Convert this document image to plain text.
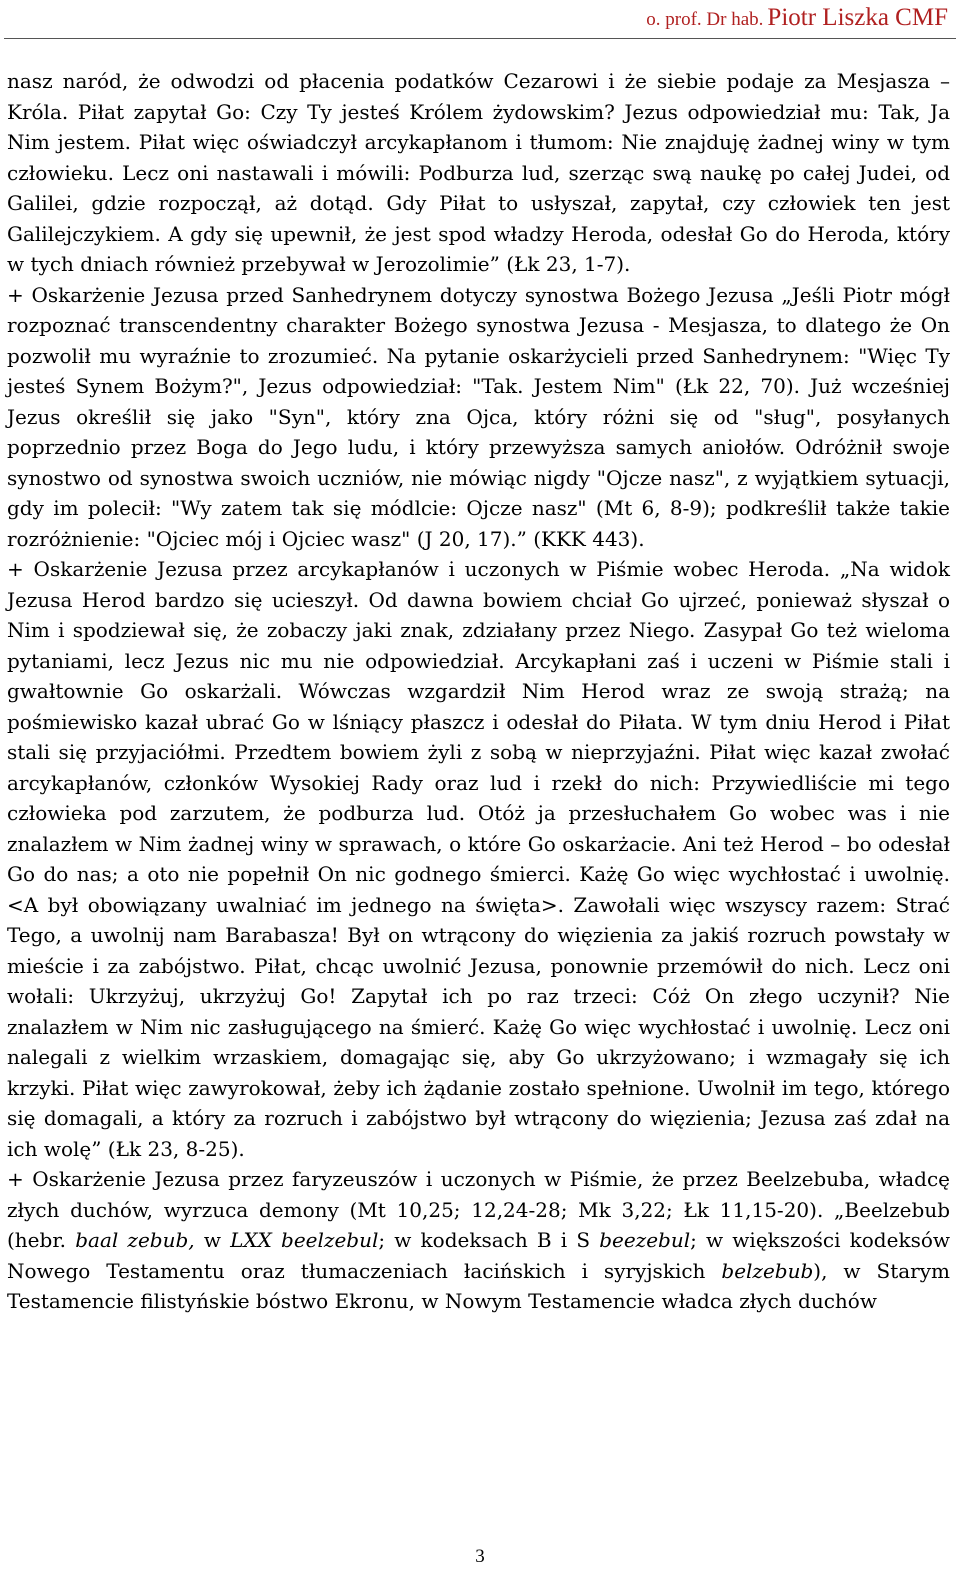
o. prof. Dr hab. Piotr Liszka CMF

nasz naród, że odwodzi od płacenia podatków Cezarowi i że siebie podaje za Mesjasza – Króla. Piłat zapytał Go: Czy Ty jesteś Królem żydowskim? Jezus odpowiedział mu: Tak, Ja Nim jestem. Piłat więc oświadczył arcykapłanom i tłumom: Nie znajduję żadnej winy w tym człowieku. Lecz oni nastawali i mówili: Podburza lud, szerząc swą naukę po całej Judei, od Galilei, gdzie rozpoczął, aż dotąd. Gdy Piłat to usłyszał, zapytał, czy człowiek ten jest Galilejczykiem. A gdy się upewnił, że jest spod władzy Heroda, odesłał Go do Heroda, który w tych dniach również przebywał w Jerozolimie” (Łk 23, 1-7).

+ Oskarżenie Jezusa przed Sanhedrynem dotyczy synostwa Bożego Jezusa „Jeśli Piotr mógł rozpoznać transcendentny charakter Bożego synostwa Jezusa - Mesjasza, to dlatego że On pozwolił mu wyraźnie to zrozumieć. Na pytanie oskarżycieli przed Sanhedrynem: "Więc Ty jesteś Synem Bożym?", Jezus odpowiedział: "Tak. Jestem Nim" (Łk 22, 70). Już wcześniej Jezus określił się jako "Syn", który zna Ojca, który różni się od "sług", posyłanych poprzednio przez Boga do Jego ludu, i który przewyższa samych aniołów. Odróżnił swoje synostwo od synostwa swoich uczniów, nie mówiąc nigdy "Ojcze nasz", z wyjątkiem sytuacji, gdy im polecił: "Wy zatem tak się módlcie: Ojcze nasz" (Mt 6, 8-9); podkreślił także takie rozróżnienie: "Ojciec mój i Ojciec wasz" (J 20, 17).” (KKK 443).

+ Oskarżenie Jezusa przez arcykapłanów i uczonych w Piśmie wobec Heroda. „Na widok Jezusa Herod bardzo się ucieszył. Od dawna bowiem chciał Go ujrzeć, ponieważ słyszał o Nim i spodziewał się, że zobaczy jaki znak, zdziałany przez Niego. Zasypał Go też wieloma pytaniami, lecz Jezus nic mu nie odpowiedział. Arcykapłani zaś i uczeni w Piśmie stali i gwałtownie Go oskarżali. Wówczas wzgardził Nim Herod wraz ze swoją strażą; na pośmiewisko kazał ubrać Go w lśniący płaszcz i odesłał do Piłata. W tym dniu Herod i Piłat stali się przyjaciółmi. Przedtem bowiem żyli z sobą w nieprzyjaźni. Piłat więc kazał zwołać arcykapłanów, członków Wysokiej Rady oraz lud i rzekł do nich: Przywiedliście mi tego człowieka pod zarzutem, że podburza lud. Otóż ja przesłuchałem Go wobec was i nie znalazłem w Nim żadnej winy w sprawach, o które Go oskarżacie. Ani też Herod – bo odesłał Go do nas; a oto nie popełnił On nic godnego śmierci. Każę Go więc wychłostać i uwolnię. <A był obowiązany uwalniać im jednego na święta>. Zawołali więc wszyscy razem: Strać Tego, a uwolnij nam Barabasza! Był on wtrącony do więzienia za jakiś rozruch powstały w mieście i za zabójstwo. Piłat, chcąc uwolnić Jezusa, ponownie przemówił do nich. Lecz oni wołali: Ukrzyżuj, ukrzyżuj Go! Zapytał ich po raz trzeci: Cóż On złego uczynił? Nie znalazłem w Nim nic zasługującego na śmierć. Każę Go więc wychłostać i uwolnię. Lecz oni nalegali z wielkim wrzaskiem, domagając się, aby Go ukrzyżowano; i wzmagały się ich krzyki. Piłat więc zawyrokował, żeby ich żądanie zostało spełnione. Uwolnił im tego, którego się domagali, a który za rozruch i zabójstwo był wtrącony do więzienia; Jezusa zaś zdał na ich wolę” (Łk 23, 8-25).

+ Oskarżenie Jezusa przez faryzeuszów i uczonych w Piśmie, że przez Beelzebuba, władcę złych duchów, wyrzuca demony (Mt 10,25; 12,24-28; Mk 3,22; Łk 11,15-20). „Beelzebub (hebr. baal zebub, w LXX beelzebul; w kodeksach B i S beezebul; w większości kodeksów Nowego Testamentu oraz tłumaczeniach łacińskich i syryjskich belzebub), w Starym Testamencie filistyńskie bóstwo Ekronu, w Nowym Testamencie władca złych duchów

3
